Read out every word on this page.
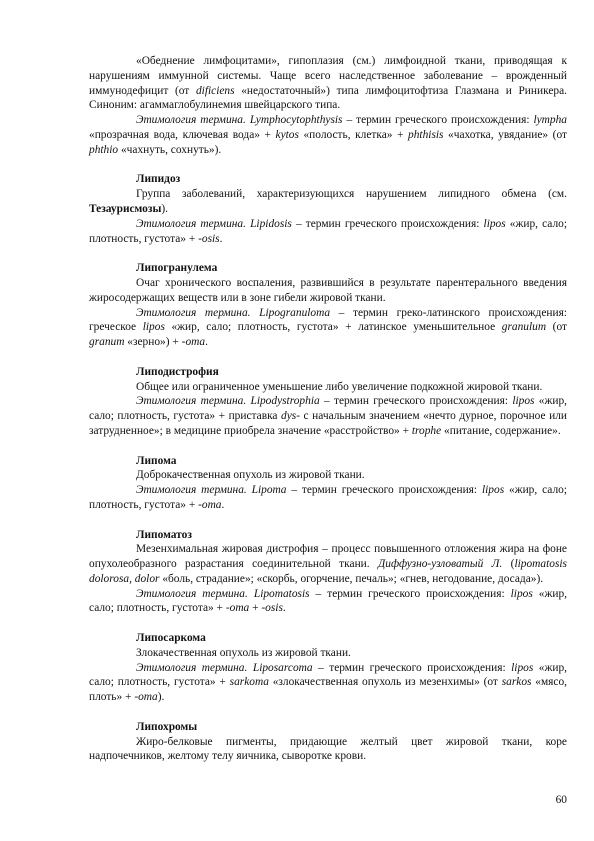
«Обеднение лимфоцитами», гипоплазия (см.) лимфоидной ткани, приводящая к нарушениям иммунной системы. Чаще всего наследственное заболевание – врожденный иммунодефицит (от dificiens «недостаточный») типа лимфоцитофтиза Глазмана и Риникера. Синоним: агаммаглобулинемия швейцарского типа.

Этимология термина. Lymphocytophthysis – термин греческого происхождения: lympha «прозрачная вода, ключевая вода» + kytos «полость, клетка» + phthisis «чахотка, увядание» (от phthio «чахнуть, сохнуть»).

Липидоз

Группа заболеваний, характеризующихся нарушением липидного обмена (см. Тезаурисмозы).

Этимология термина. Lipidosis – термин греческого происхождения: lipos «жир, сало; плотность, густота» + -osis.

Липогранулема

Очаг хронического воспаления, развившийся в результате парентерального введения жиросодержащих веществ или в зоне гибели жировой ткани.

Этимология термина. Lipogranuloma – термин греко-латинского происхождения: греческое lipos «жир, сало; плотность, густота» + латинское уменьшительное granulum (от granum «зерно») + -oma.

Липодистрофия

Общее или ограниченное уменьшение либо увеличение подкожной жировой ткани.

Этимология термина. Lipodystrophia – термин греческого происхождения: lipos «жир, сало; плотность, густота» + приставка dys- с начальным значением «нечто дурное, порочное или затрудненное»; в медицине приобрела значение «расстройство» + trophe «питание, содержание».

Липома

Доброкачественная опухоль из жировой ткани.

Этимология термина. Lipoma – термин греческого происхождения: lipos «жир, сало; плотность, густота» + -oma.

Липоматоз

Мезенхимальная жировая дистрофия – процесс повышенного отложения жира на фоне опухолеобразного разрастания соединительной ткани. Диффузно-узловатый Л. (lipomatosis dolorosa, dolor «боль, страдание»; «скорбь, огорчение, печаль»; «гнев, негодование, досада»).

Этимология термина. Lipomatosis – термин греческого происхождения: lipos «жир, сало; плотность, густота» + -oma + -osis.

Липосаркома

Злокачественная опухоль из жировой ткани.

Этимология термина. Liposarcoma – термин греческого происхождения: lipos «жир, сало; плотность, густота» + sarkoma «злокачественная опухоль из мезенхимы» (от sarkos «мясо, плоть» + -oma).

Липохромы

Жиро-белковые пигменты, придающие желтый цвет жировой ткани, коре надпочечников, желтому телу яичника, сыворотке крови.

60
